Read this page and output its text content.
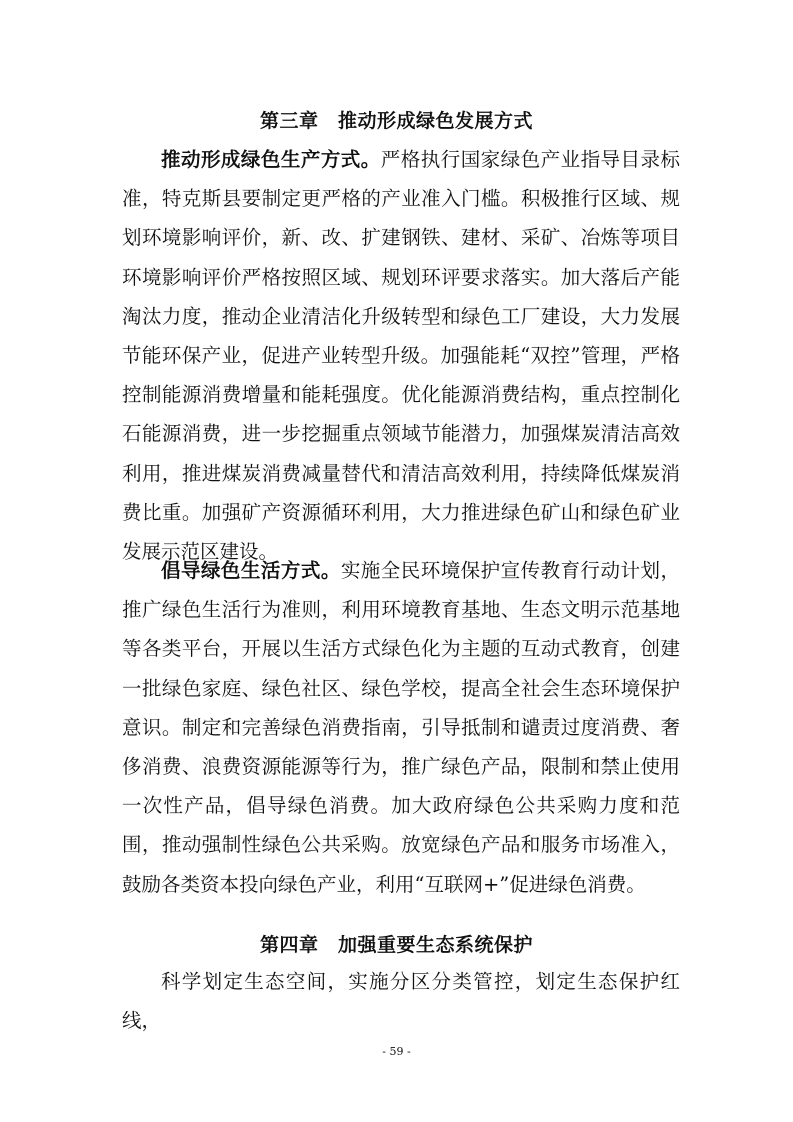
第三章　推动形成绿色发展方式

推动形成绿色生产方式。严格执行国家绿色产业指导目录标准，特克斯县要制定更严格的产业准入门槛。积极推行区域、规划环境影响评价，新、改、扩建钢铁、建材、采矿、冶炼等项目环境影响评价严格按照区域、规划环评要求落实。加大落后产能淘汰力度，推动企业清洁化升级转型和绿色工厂建设，大力发展节能环保产业，促进产业转型升级。加强能耗“双控”管理，严格控制能源消费增量和能耗强度。优化能源消费结构，重点控制化石能源消费，进一步挖掘重点领域节能潜力，加强煤炭清洁高效利用，推进煤炭消费减量替代和清洁高效利用，持续降低煤炭消费比重。加强矿产资源循环利用，大力推进绿色矿山和绿色矿业发展示范区建设。

倡导绿色生活方式。实施全民环境保护宣传教育行动计划，推广绿色生活行为准则，利用环境教育基地、生态文明示范基地等各类平台，开展以生活方式绿色化为主题的互动式教育，创建一批绿色家庭、绿色社区、绿色学校，提高全社会生态环境保护意识。制定和完善绿色消费指南，引导抵制和谴责过度消费、奢侈消费、浪费资源能源等行为，推广绿色产品，限制和禁止使用一次性产品，倡导绿色消费。加大政府绿色公共采购力度和范围，推动强制性绿色公共采购。放宽绿色产品和服务市场准入，鼓励各类资本投向绿色产业，利用“互联网+”促进绿色消费。

第四章　加强重要生态系统保护

科学划定生态空间，实施分区分类管控，划定生态保护红线，

- 59 -
